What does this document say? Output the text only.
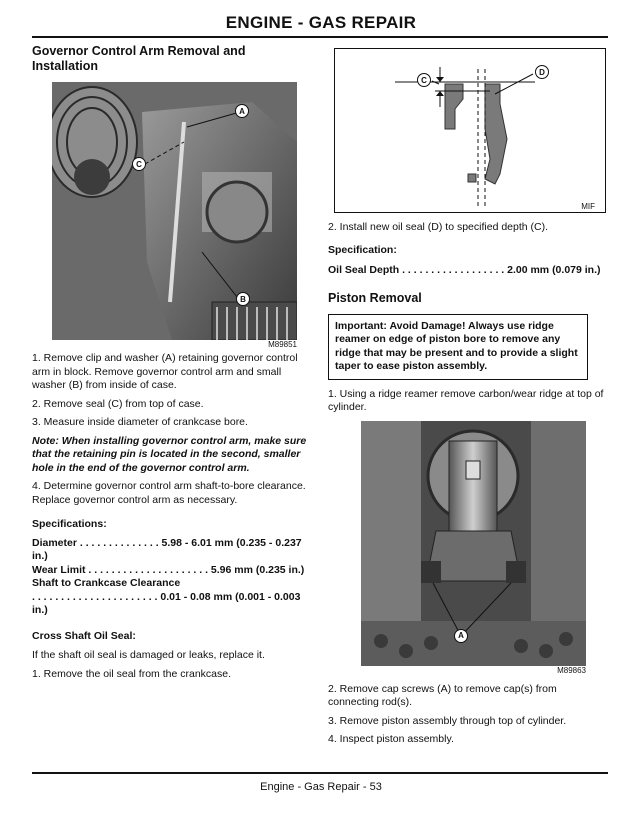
ENGINE - GAS REPAIR
Governor Control Arm Removal and Installation
A
C
B
M89851

1. Remove clip and washer (A) retaining governor control arm in block. Remove governor control arm and small washer (B) from inside of case.

2. Remove seal (C) from top of case.

3. Measure inside diameter of crankcase bore.

Note: When installing governor control arm, make sure that the retaining pin is located in the second, smaller hole in the end of the governor control arm.

4. Determine governor control arm shaft-to-bore clearance. Replace governor control arm as necessary.

Specifications:

Diameter . . . . . . . . . . . . . . 5.98 - 6.01 mm (0.235 - 0.237 in.)

Wear Limit . . . . . . . . . . . . . . . . . . . . . 5.96 mm (0.235 in.)

Shaft to Crankcase Clearance

. . . . . . . . . . . . . . . . . . . . . . 0.01 - 0.08 mm (0.001 - 0.003 in.)

Cross Shaft Oil Seal:

If the shaft oil seal is damaged or leaks, replace it.

1. Remove the oil seal from the crankcase.

C
D
MIF

2. Install new oil seal (D) to specified depth (C).

Specification:

Oil Seal Depth . . . . . . . . . . . . . . . . . . 2.00 mm (0.079 in.)

Piston Removal
Important: Avoid Damage! Always use ridge reamer on edge of piston bore to remove any ridge that may be present and to provide a slight taper to ease piston assembly.

1. Using a ridge reamer remove carbon/wear ridge at top of cylinder.

A
M89863

2. Remove cap screws (A) to remove cap(s) from connecting rod(s).

3. Remove piston assembly through top of cylinder.

4. Inspect piston assembly.

Engine - Gas Repair - 53
